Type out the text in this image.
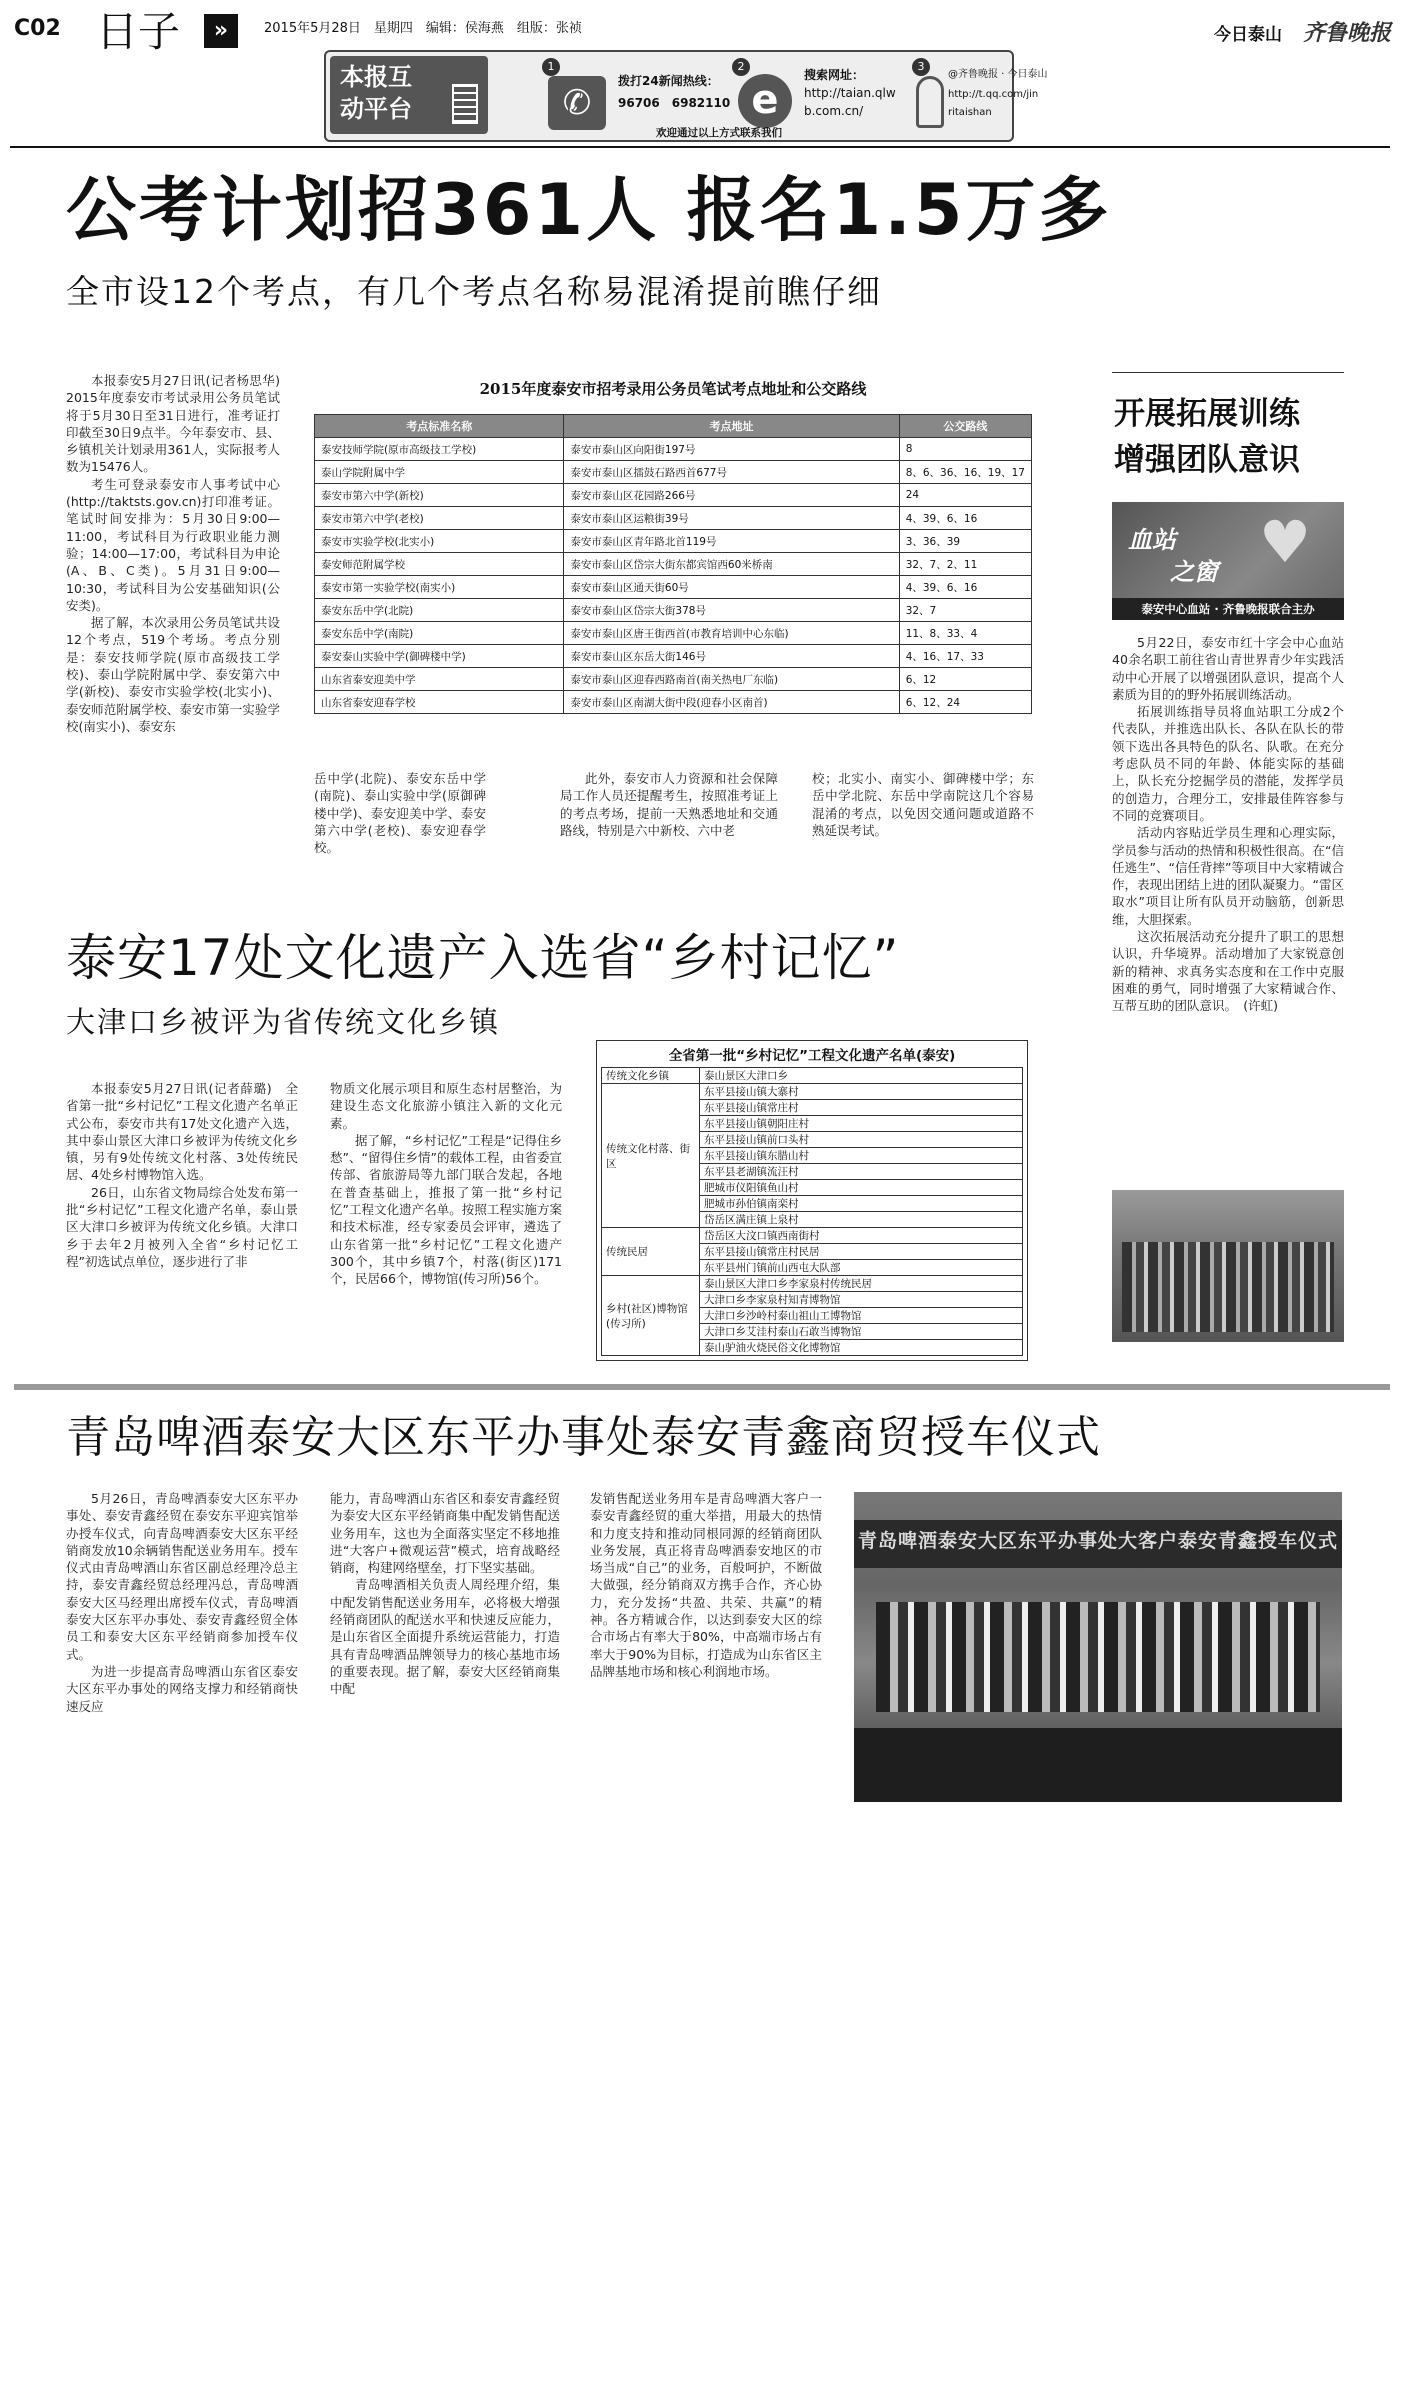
C02 日子	»	2015年5月28日　星期四　编辑：侯海燕　组版：张祯	今日泰山 齐鲁晚报
本报互
动平台
1
✆
拨打24新闻热线：
96706　6982110
2
e
搜索网址：
http://taian.qlw
b.com.cn/
3
@齐鲁晚报 · 今日泰山
http://t.qq.com/jin
ritaishan
欢迎通过以上方式联系我们
公考计划招361人 报名1.5万多
全市设12个考点，有几个考点名称易混淆提前瞧仔细

本报泰安5月27日讯(记者杨思华)　2015年度泰安市考试录用公务员笔试将于5月30日至31日进行，准考证打印截至30日9点半。今年泰安市、县、乡镇机关计划录用361人，实际报考人数为15476人。

考生可登录泰安市人事考试中心(http://taktsts.gov.cn)打印准考证。笔试时间安排为：5月30日9:00—11:00，考试科目为行政职业能力测验；14:00—17:00，考试科目为申论(A、B、C类)。5月31日9:00—10:30，考试科目为公安基础知识(公安类)。

据了解，本次录用公务员笔试共设12个考点，519个考场。考点分别是：泰安技师学院(原市高级技工学校)、泰山学院附属中学、泰安第六中学(新校)、泰安市实验学校(北实小)、泰安师范附属学校、泰安市第一实验学校(南实小)、泰安东

2015年度泰安市招考录用公务员笔试考点地址和公交路线
考点标准名称	考点地址	公交路线
泰安技师学院(原市高级技工学校)	泰安市泰山区向阳街197号	8
泰山学院附属中学	泰安市泰山区擂鼓石路西首677号	8、6、36、16、19、17
泰安市第六中学(新校)	泰安市泰山区花园路266号	24
泰安市第六中学(老校)	泰安市泰山区运粮街39号	4、39、6、16
泰安市实验学校(北实小)	泰安市泰山区青年路北首119号	3、36、39
泰安师范附属学校	泰安市泰山区岱宗大街东都宾馆西60米桥南	32、7、2、11
泰安市第一实验学校(南实小)	泰安市泰山区通天街60号	4、39、6、16
泰安东岳中学(北院)	泰安市泰山区岱宗大街378号	32、7
泰安东岳中学(南院)	泰安市泰山区唐王街西首(市教育培训中心东临)	11、8、33、4
泰安泰山实验中学(御碑楼中学)	泰安市泰山区东岳大街146号	4、16、17、33
山东省泰安迎美中学	泰安市泰山区迎春西路南首(南关热电厂东临)	6、12
山东省泰安迎春学校	泰安市泰山区南湖大街中段(迎春小区南首)	6、12、24

岳中学(北院)、泰安东岳中学(南院)、泰山实验中学(原御碑楼中学)、泰安迎美中学、泰安第六中学(老校)、泰安迎春学校。

此外，泰安市人力资源和社会保障局工作人员还提醒考生，按照准考证上的考点考场，提前一天熟悉地址和交通路线，特别是六中新校、六中老

校；北实小、南实小、御碑楼中学；东岳中学北院、东岳中学南院这几个容易混淆的考点，以免因交通问题或道路不熟延误考试。

开展拓展训练
增强团队意识
♥
血站
之窗
泰安中心血站 · 齐鲁晚报联合主办

5月22日，泰安市红十字会中心血站40余名职工前往省山青世界青少年实践活动中心开展了以增强团队意识，提高个人素质为目的的野外拓展训练活动。

拓展训练指导员将血站职工分成2个代表队，并推选出队长、各队在队长的带领下选出各具特色的队名、队歌。在充分考虑队员不同的年龄、体能实际的基础上，队长充分挖掘学员的潜能，发挥学员的创造力，合理分工，安排最佳阵容参与不同的竞赛项目。

活动内容贴近学员生理和心理实际，学员参与活动的热情和积极性很高。在“信任逃生”、“信任背摔”等项目中大家精诚合作，表现出团结上进的团队凝聚力。“雷区取水”项目让所有队员开动脑筋，创新思维，大胆探索。

这次拓展活动充分提升了职工的思想认识，升华境界。活动增加了大家锐意创新的精神、求真务实态度和在工作中克服困难的勇气，同时增强了大家精诚合作、互帮互助的团队意识。　(许虹)

泰安17处文化遗产入选省“乡村记忆”
大津口乡被评为省传统文化乡镇

本报泰安5月27日讯(记者薛璐)　全省第一批“乡村记忆”工程文化遗产名单正式公布，泰安市共有17处文化遗产入选，其中泰山景区大津口乡被评为传统文化乡镇，另有9处传统文化村落、3处传统民居、4处乡村博物馆入选。

26日，山东省文物局综合处发布第一批“乡村记忆”工程文化遗产名单，泰山景区大津口乡被评为传统文化乡镇。大津口乡于去年2月被列入全省“乡村记忆工程”初选试点单位，逐步进行了非

物质文化展示项目和原生态村居整治，为建设生态文化旅游小镇注入新的文化元素。

据了解，“乡村记忆”工程是“记得住乡愁”、“留得住乡情”的载体工程，由省委宣传部、省旅游局等九部门联合发起，各地在普查基础上，推报了第一批“乡村记忆”工程文化遗产名单。按照工程实施方案和技术标准，经专家委员会评审，遴选了山东省第一批“乡村记忆”工程文化遗产300个，其中乡镇7个，村落(街区)171个，民居66个，博物馆(传习所)56个。

全省第一批“乡村记忆”工程文化遗产名单(泰安)
传统文化乡镇	泰山景区大津口乡
传统文化村落、街区	东平县接山镇大寨村
	东平县接山镇常庄村
	东平县接山镇朝阳庄村
	东平县接山镇前口头村
	东平县接山镇东腊山村
	东平县老湖镇流汪村
	肥城市仪阳镇鱼山村
	肥城市孙伯镇南栾村
	岱岳区满庄镇上泉村
传统民居	岱岳区大汶口镇西南街村
	东平县接山镇常庄村民居
	东平县州门镇前山西屯大队部
乡村(社区)博物馆(传习所)	泰山景区大津口乡李家泉村传统民居
	大津口乡李家泉村知青博物馆
	大津口乡沙岭村泰山祖山工博物馆
	大津口乡艾洼村泰山石敢当博物馆
	泰山驴油火烧民俗文化博物馆
青岛啤酒泰安大区东平办事处泰安青鑫商贸授车仪式

5月26日，青岛啤酒泰安大区东平办事处、泰安青鑫经贸在泰安东平迎宾馆举办授车仪式，向青岛啤酒泰安大区东平经销商发放10余辆销售配送业务用车。授车仪式由青岛啤酒山东省区副总经理冷总主持，泰安青鑫经贸总经理冯总，青岛啤酒泰安大区马经理出席授车仪式，青岛啤酒泰安大区东平办事处、泰安青鑫经贸全体员工和泰安大区东平经销商参加授车仪式。

为进一步提高青岛啤酒山东省区泰安大区东平办事处的网络支撑力和经销商快速反应

能力，青岛啤酒山东省区和泰安青鑫经贸为泰安大区东平经销商集中配发销售配送业务用车，这也为全面落实坚定不移地推进“大客户+微观运营”模式，培育战略经销商，构建网络壁垒，打下坚实基础。

青岛啤酒相关负责人周经理介绍，集中配发销售配送业务用车，必将极大增强经销商团队的配送水平和快速反应能力，是山东省区全面提升系统运营能力，打造具有青岛啤酒品牌领导力的核心基地市场的重要表现。据了解，泰安大区经销商集中配

发销售配送业务用车是青岛啤酒大客户一泰安青鑫经贸的重大举措，用最大的热情和力度支持和推动同根同源的经销商团队业务发展，真正将青岛啤酒泰安地区的市场当成“自己”的业务，百般呵护，不断做大做强，经分销商双方携手合作，齐心协力，充分发扬“共盈、共荣、共赢”的精神。各方精诚合作，以达到泰安大区的综合市场占有率大于80%，中高端市场占有率大于90%为目标，打造成为山东省区主品牌基地市场和核心利润地市场。

青岛啤酒泰安大区东平办事处大客户泰安青鑫授车仪式
